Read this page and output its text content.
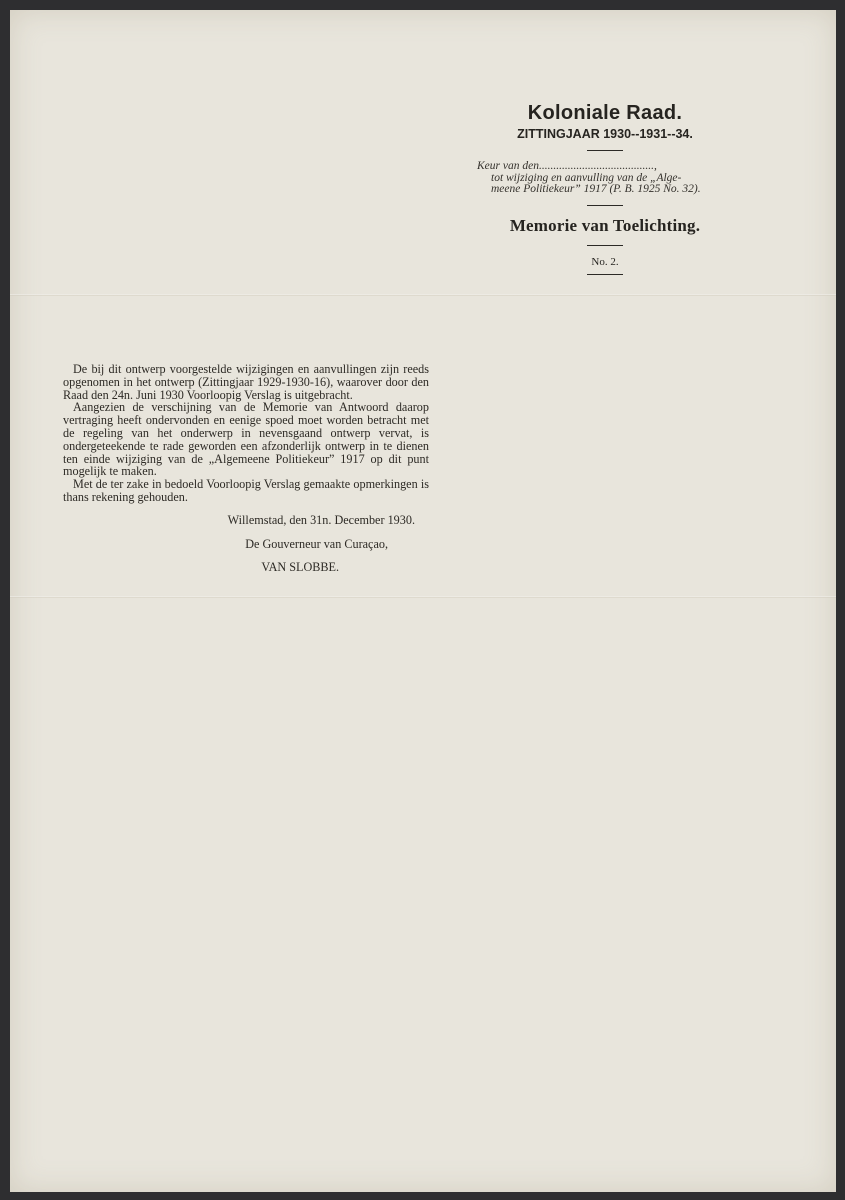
Koloniale Raad.
ZITTINGJAAR 1930--1931--34.
Keur van den........................................,
tot wijziging en aanvulling van de „Alge-
meene Politiekeur” 1917 (P. B. 1925 No. 32).
Memorie van Toelichting.
No. 2.

De bij dit ontwerp voorgestelde wijzigingen en aanvullingen zijn reeds opgenomen in het ontwerp (Zittingjaar 1929-1930-16), waarover door den Raad den 24n. Juni 1930 Voorloopig Verslag is uitgebracht.

Aangezien de verschijning van de Memorie van Antwoord daarop vertraging heeft ondervonden en eenige spoed moet worden betracht met de regeling van het onderwerp in nevensgaand ontwerp vervat, is ondergeteekende te rade geworden een afzonderlijk ontwerp in te dienen ten einde wijziging van de „Algemeene Politiekeur” 1917 op dit punt mogelijk te maken.

Met de ter zake in bedoeld Voorloopig Verslag gemaakte opmerkingen is thans rekening gehouden.

Willemstad, den 31n. December 1930.
De Gouverneur van Curaçao,
VAN SLOBBE.
